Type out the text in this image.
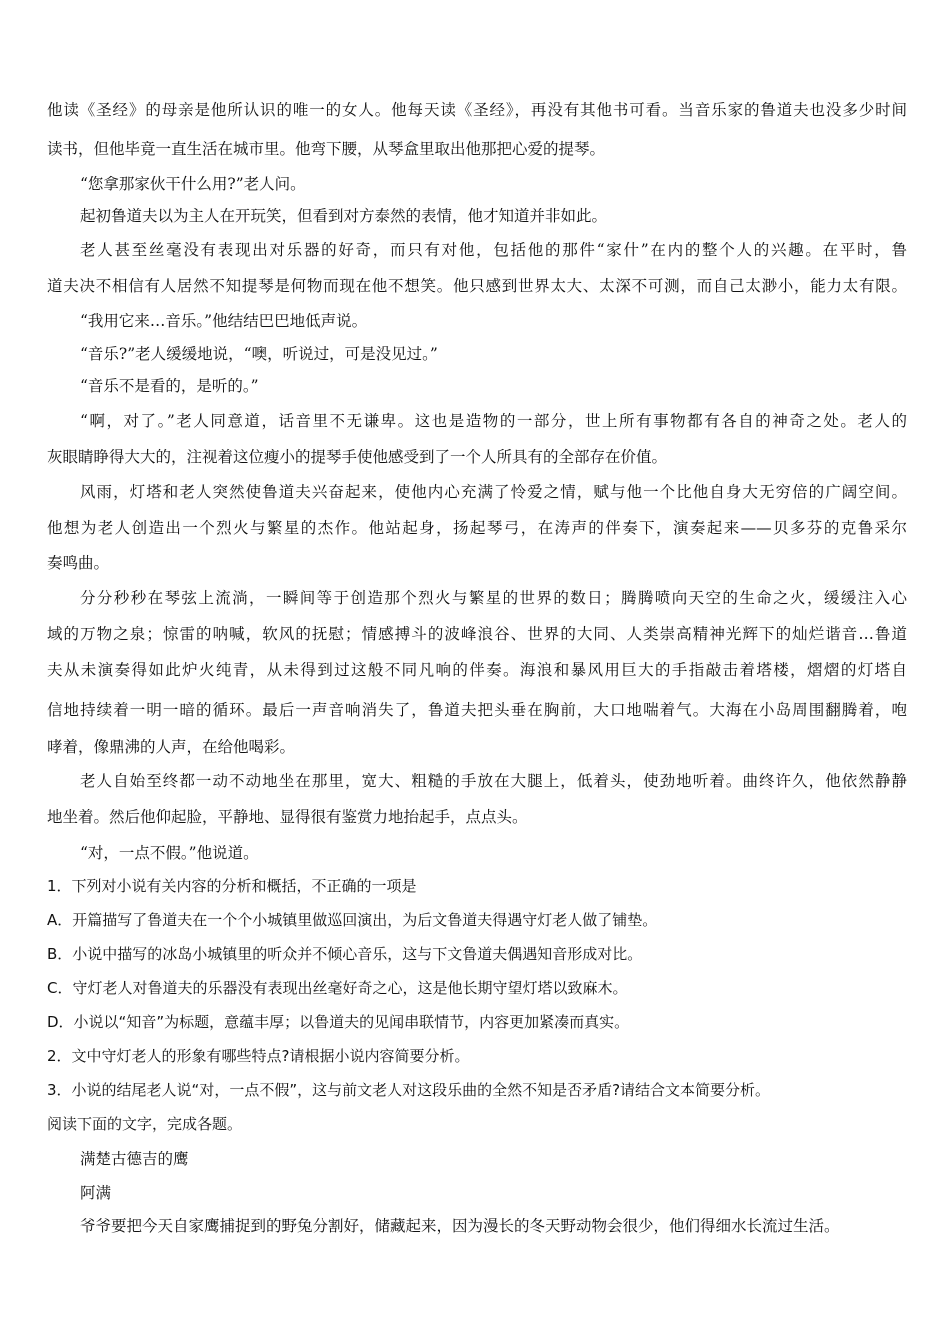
他读《圣经》的母亲是他所认识的唯一的女人。他每天读《圣经》，再没有其他书可看。当音乐家的鲁道夫也没多少时间
读书，但他毕竟一直生活在城市里。他弯下腰，从琴盒里取出他那把心爱的提琴。
“您拿那家伙干什么用?”老人问。
起初鲁道夫以为主人在开玩笑，但看到对方泰然的表情，他才知道并非如此。
老人甚至丝毫没有表现出对乐器的好奇，而只有对他，包括他的那件“家什”在内的整个人的兴趣。在平时，鲁
道夫决不相信有人居然不知提琴是何物而现在他不想笑。他只感到世界太大、太深不可测，而自己太渺小，能力太有限。
“我用它来…音乐。”他结结巴巴地低声说。
“音乐?”老人缓缓地说，“噢，听说过，可是没见过。”
“音乐不是看的，是听的。”
“啊，对了。”老人同意道，话音里不无谦卑。这也是造物的一部分，世上所有事物都有各自的神奇之处。老人的
灰眼睛睁得大大的，注视着这位瘦小的提琴手使他感受到了一个人所具有的全部存在价值。
风雨，灯塔和老人突然使鲁道夫兴奋起来，使他内心充满了怜爱之情，赋与他一个比他自身大无穷倍的广阔空间。
他想为老人创造出一个烈火与繁星的杰作。他站起身，扬起琴弓，在涛声的伴奏下，演奏起来——贝多芬的克鲁采尔
奏鸣曲。
分分秒秒在琴弦上流淌，一瞬间等于创造那个烈火与繁星的世界的数日；腾腾喷向天空的生命之火，缓缓注入心
域的万物之泉；惊雷的呐喊，软风的抚慰；情感搏斗的波峰浪谷、世界的大同、人类崇高精神光辉下的灿烂谐音…鲁道
夫从未演奏得如此炉火纯青，从未得到过这般不同凡响的伴奏。海浪和暴风用巨大的手指敲击着塔楼，熠熠的灯塔自
信地持续着一明一暗的循环。最后一声音响消失了，鲁道夫把头垂在胸前，大口地喘着气。大海在小岛周围翻腾着，咆
哮着，像鼎沸的人声，在给他喝彩。
老人自始至终都一动不动地坐在那里，宽大、粗糙的手放在大腿上，低着头，使劲地听着。曲终许久，他依然静静
地坐着。然后他仰起脸，平静地、显得很有鉴赏力地抬起手，点点头。
“对，一点不假。”他说道。
1．下列对小说有关内容的分析和概括，不正确的一项是
A．开篇描写了鲁道夫在一个个小城镇里做巡回演出，为后文鲁道夫得遇守灯老人做了铺垫。
B．小说中描写的冰岛小城镇里的听众并不倾心音乐，这与下文鲁道夫偶遇知音形成对比。
C．守灯老人对鲁道夫的乐器没有表现出丝毫好奇之心，这是他长期守望灯塔以致麻木。
D．小说以“知音”为标题，意蕴丰厚；以鲁道夫的见闻串联情节，内容更加紧凑而真实。
2．文中守灯老人的形象有哪些特点?请根据小说内容简要分析。
3．小说的结尾老人说“对，一点不假”，这与前文老人对这段乐曲的全然不知是否矛盾?请结合文本简要分析。
阅读下面的文字，完成各题。
满楚古德吉的鹰
阿满
爷爷要把今天自家鹰捕捉到的野兔分割好，储藏起来，因为漫长的冬天野动物会很少，他们得细水长流过生活。
